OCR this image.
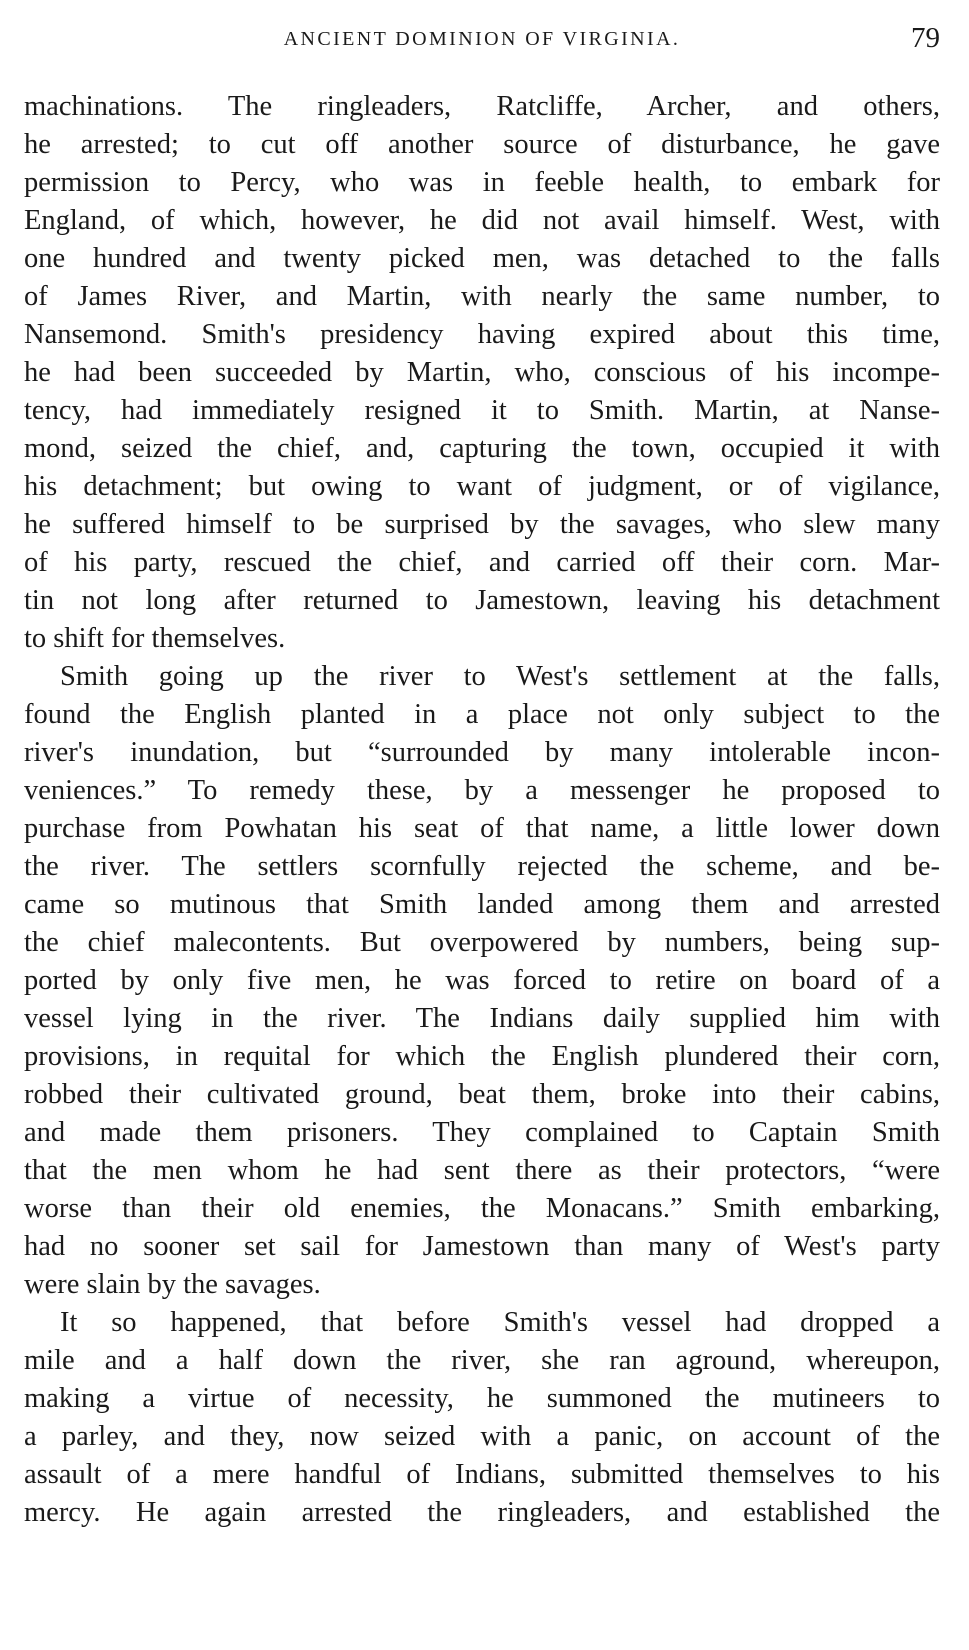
ANCIENT DOMINION OF VIRGINIA.	79
machinations. The ringleaders, Ratcliffe, Archer, and others,
he arrested; to cut off another source of disturbance, he gave
permission to Percy, who was in feeble health, to embark for
England, of which, however, he did not avail himself. West, with
one hundred and twenty picked men, was detached to the falls
of James River, and Martin, with nearly the same number, to
Nansemond. Smith's presidency having expired about this time,
he had been succeeded by Martin, who, conscious of his incompe-
tency, had immediately resigned it to Smith. Martin, at Nanse-
mond, seized the chief, and, capturing the town, occupied it with
his detachment; but owing to want of judgment, or of vigilance,
he suffered himself to be surprised by the savages, who slew many
of his party, rescued the chief, and carried off their corn. Mar-
tin not long after returned to Jamestown, leaving his detachment
to shift for themselves.
Smith going up the river to West's settlement at the falls,
found the English planted in a place not only subject to the
river's inundation, but “surrounded by many intolerable incon-
veniences.” To remedy these, by a messenger he proposed to
purchase from Powhatan his seat of that name, a little lower down
the river. The settlers scornfully rejected the scheme, and be-
came so mutinous that Smith landed among them and arrested
the chief malecontents. But overpowered by numbers, being sup-
ported by only five men, he was forced to retire on board of a
vessel lying in the river. The Indians daily supplied him with
provisions, in requital for which the English plundered their corn,
robbed their cultivated ground, beat them, broke into their cabins,
and made them prisoners. They complained to Captain Smith
that the men whom he had sent there as their protectors, “were
worse than their old enemies, the Monacans.” Smith embarking,
had no sooner set sail for Jamestown than many of West's party
were slain by the savages.
It so happened, that before Smith's vessel had dropped a
mile and a half down the river, she ran aground, whereupon,
making a virtue of necessity, he summoned the mutineers to
a parley, and they, now seized with a panic, on account of the
assault of a mere handful of Indians, submitted themselves to his
mercy. He again arrested the ringleaders, and established the
